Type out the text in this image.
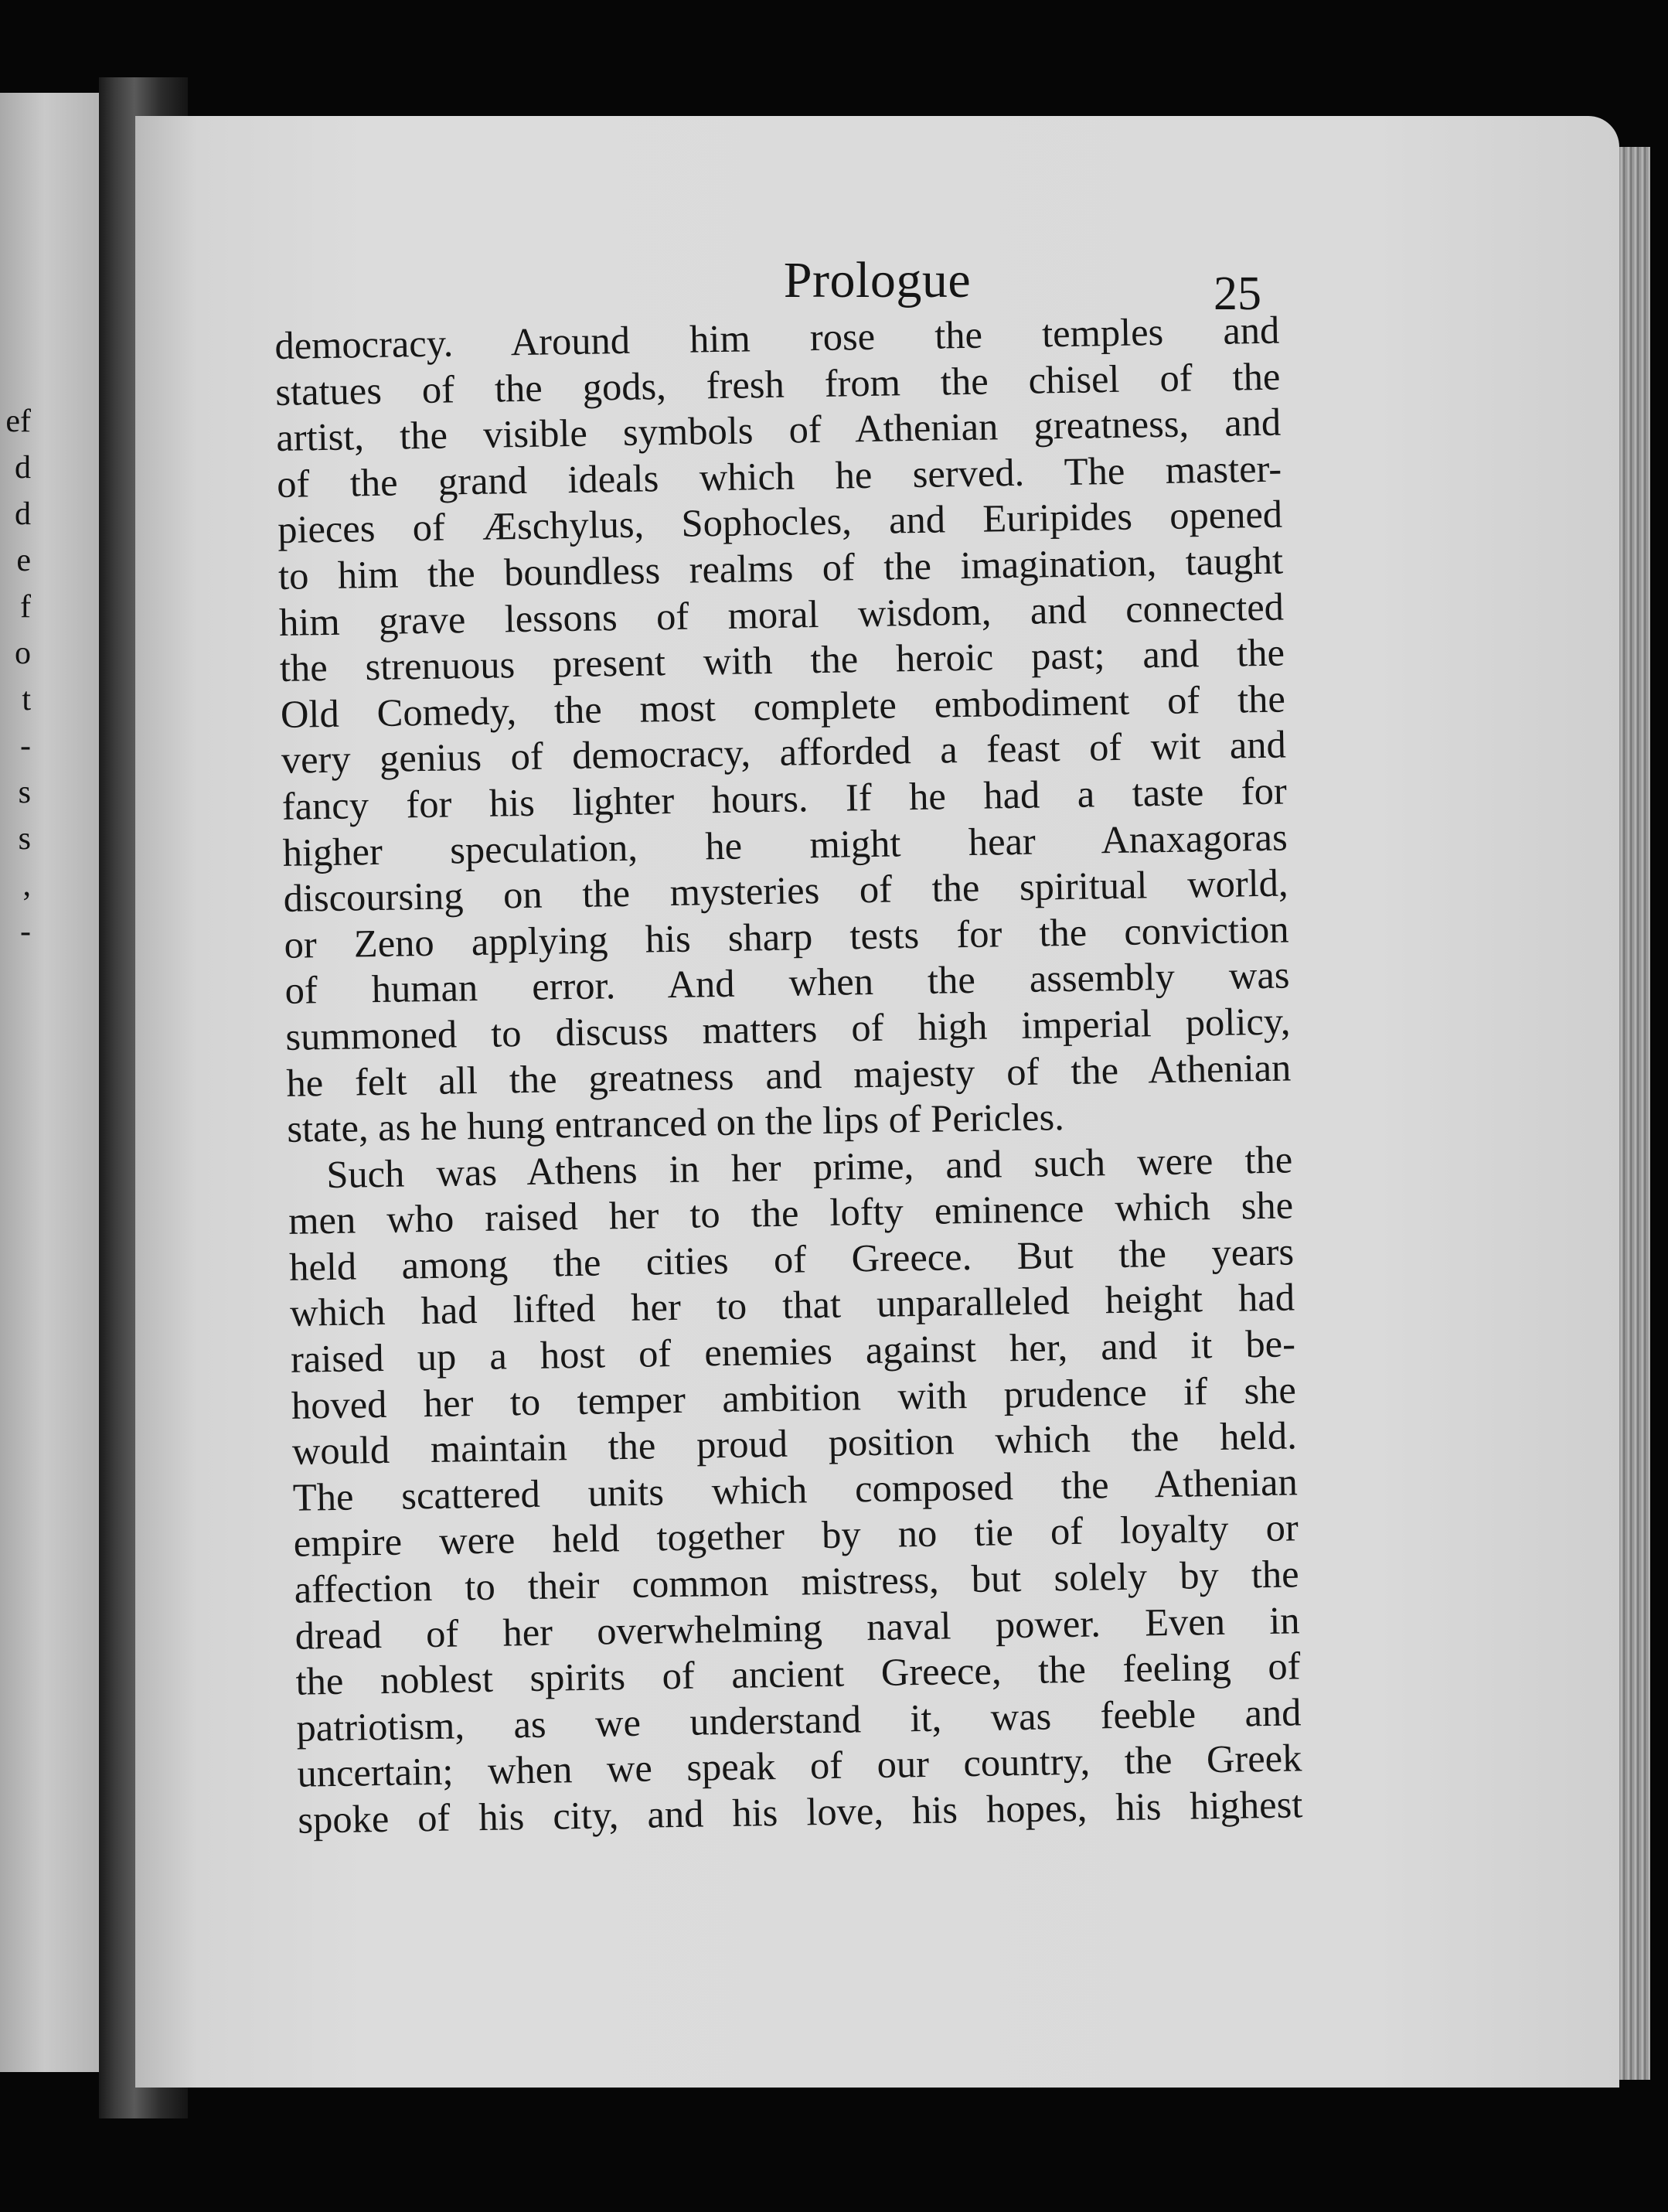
ef
d
d
e
f
o
t
-
s
s
,
-
Prologue	25
democracy. Around him rose the temples and
statues of the gods, fresh from the chisel of the
artist, the visible symbols of Athenian greatness, and
of the grand ideals which he served. The master-
pieces of Æschylus, Sophocles, and Euripides opened
to him the boundless realms of the imagination, taught
him grave lessons of moral wisdom, and connected
the strenuous present with the heroic past; and the
Old Comedy, the most complete embodiment of the
very genius of democracy, afforded a feast of wit and
fancy for his lighter hours. If he had a taste for
higher speculation, he might hear Anaxagoras
discoursing on the mysteries of the spiritual world,
or Zeno applying his sharp tests for the conviction
of human error. And when the assembly was
summoned to discuss matters of high imperial policy,
he felt all the greatness and majesty of the Athenian
state, as he hung entranced on the lips of Pericles.
Such was Athens in her prime, and such were the
men who raised her to the lofty eminence which she
held among the cities of Greece. But the years
which had lifted her to that unparalleled height had
raised up a host of enemies against her, and it be-
hoved her to temper ambition with prudence if she
would maintain the proud position which the held.
The scattered units which composed the Athenian
empire were held together by no tie of loyalty or
affection to their common mistress, but solely by the
dread of her overwhelming naval power. Even in
the noblest spirits of ancient Greece, the feeling of
patriotism, as we understand it, was feeble and
uncertain; when we speak of our country, the Greek
spoke of his city, and his love, his hopes, his highest
